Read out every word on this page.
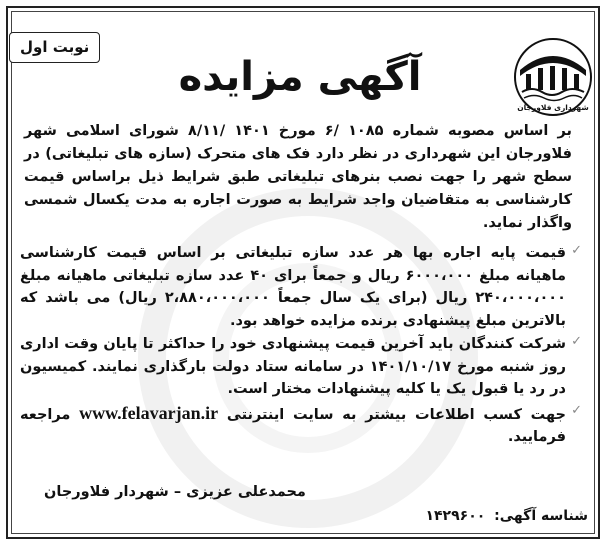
نوبت اول
آگهی مزایده
شهرداری فلاورجان

بر اساس مصوبه شماره ۱۰۸۵ /۶ مورخ ۱۴۰۱ /۸/۱۱ شورای اسلامی شهر فلاورجان این شهرداری در نظر دارد فک های متحرک (سازه های تبلیغاتی) در سطح شهر را جهت نصب بنرهای تبلیغاتی طبق شرایط ذیل براساس قیمت کارشناسی به متقاضیان واجد شرایط به صورت اجاره به مدت یکسال شمسی واگذار نماید.

✓
قیمت پایه اجاره بها هر عدد سازه تبلیغاتی بر اساس قیمت کارشناسی ماهیانه مبلغ ۶۰۰۰،۰۰۰ ریال و جمعاً برای ۴۰ عدد سازه تبلیغاتی ماهیانه مبلغ ۲۴۰،۰۰۰،۰۰۰ ریال (برای یک سال جمعاً ۲،۸۸۰،۰۰۰،۰۰۰ ریال) می باشد که بالاترین مبلغ پیشنهادی برنده مزایده خواهد بود.
✓
شرکت کنندگان باید آخرین قیمت پیشنهادی خود را حداکثر تا پایان وقت اداری روز شنبه مورخ ۱۴۰۱/۱۰/۱۷ در سامانه ستاد دولت بارگذاری نمایند. کمیسیون در رد یا قبول یک یا کلیه پیشنهادات مختار است.
✓
جهت کسب اطلاعات بیشتر به سایت اینترنتی www.felavarjan.ir مراجعه فرمایید.
محمدعلی عزیزی – شهردار فلاورجان
شناسه آگهی: ۱۴۲۹۶۰۰
